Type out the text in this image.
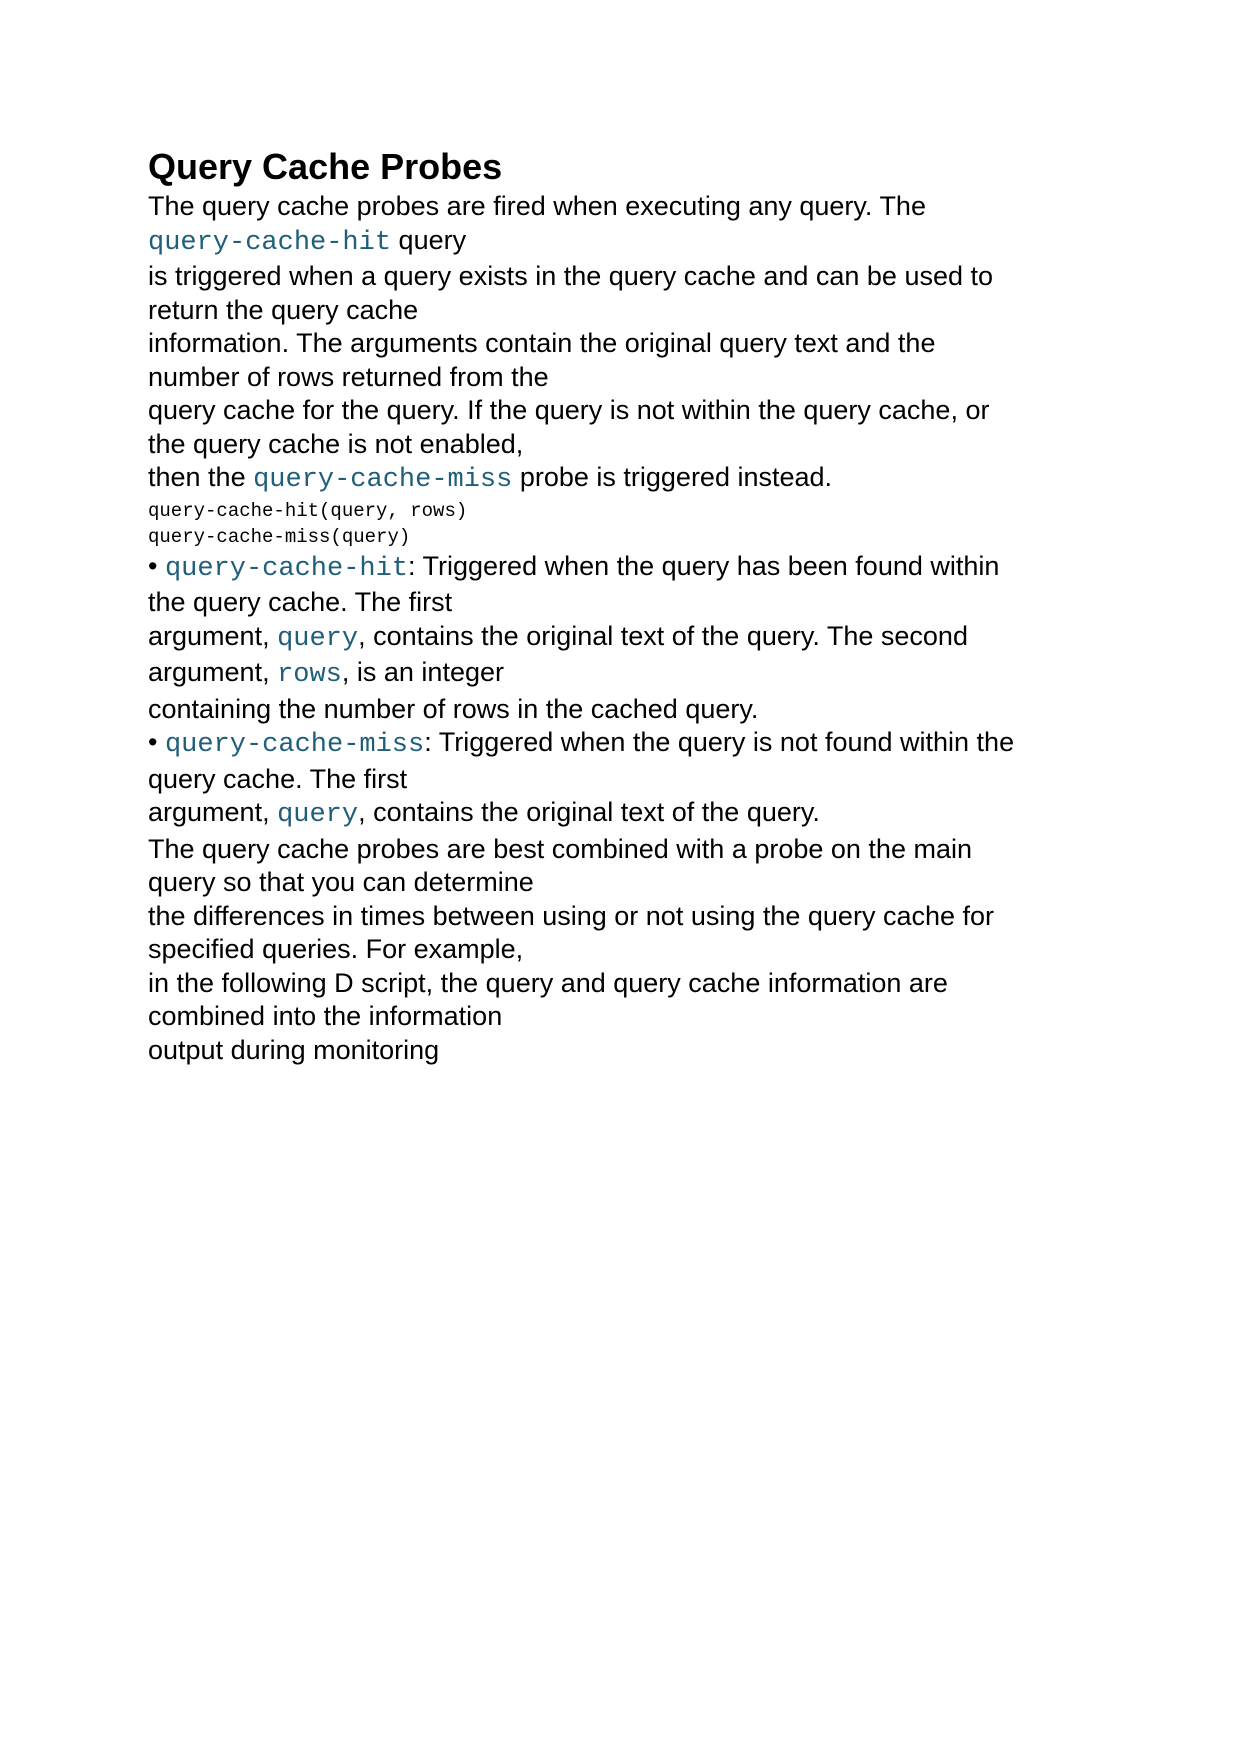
Query Cache Probes
The query cache probes are fired when executing any query. The
query-cache-hit query
is triggered when a query exists in the query cache and can be used to
return the query cache
information. The arguments contain the original query text and the
number of rows returned from the
query cache for the query. If the query is not within the query cache, or
the query cache is not enabled,
then the query-cache-miss probe is triggered instead.
query-cache-hit(query, rows)
query-cache-miss(query)
• query-cache-hit: Triggered when the query has been found within
the query cache. The first
argument, query, contains the original text of the query. The second
argument, rows, is an integer
containing the number of rows in the cached query.
• query-cache-miss: Triggered when the query is not found within the
query cache. The first
argument, query, contains the original text of the query.
The query cache probes are best combined with a probe on the main
query so that you can determine
the differences in times between using or not using the query cache for
specified queries. For example,
in the following D script, the query and query cache information are
combined into the information
output during monitoring
